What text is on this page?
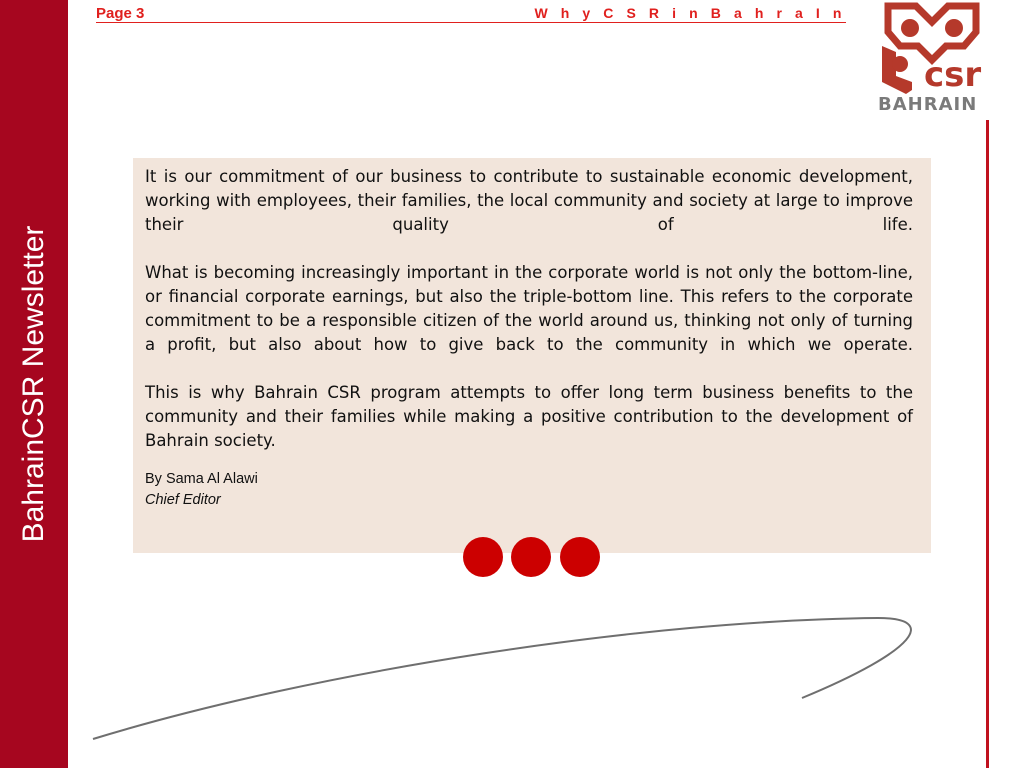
BahrainCSR Newsletter
Page 3	W h y C S R i n B a h r a I n
csr
BAHRAIN

It is our commitment of our business to contribute to sustainable economic development, working with employees, their families, the local community and society at large to improve their quality of life.

What is becoming increasingly important in the corporate world is not only the bottom-line, or financial corporate earnings, but also the triple-bottom line. This refers to the corporate commitment to be a responsible citizen of the world around us, thinking not only of turning a profit, but also about how to give back to the community in which we operate.

This is why Bahrain CSR program attempts to offer long term business benefits to the community and their families while making a positive contribution to the development of Bahrain society.

By Sama Al Alawi
Chief Editor
